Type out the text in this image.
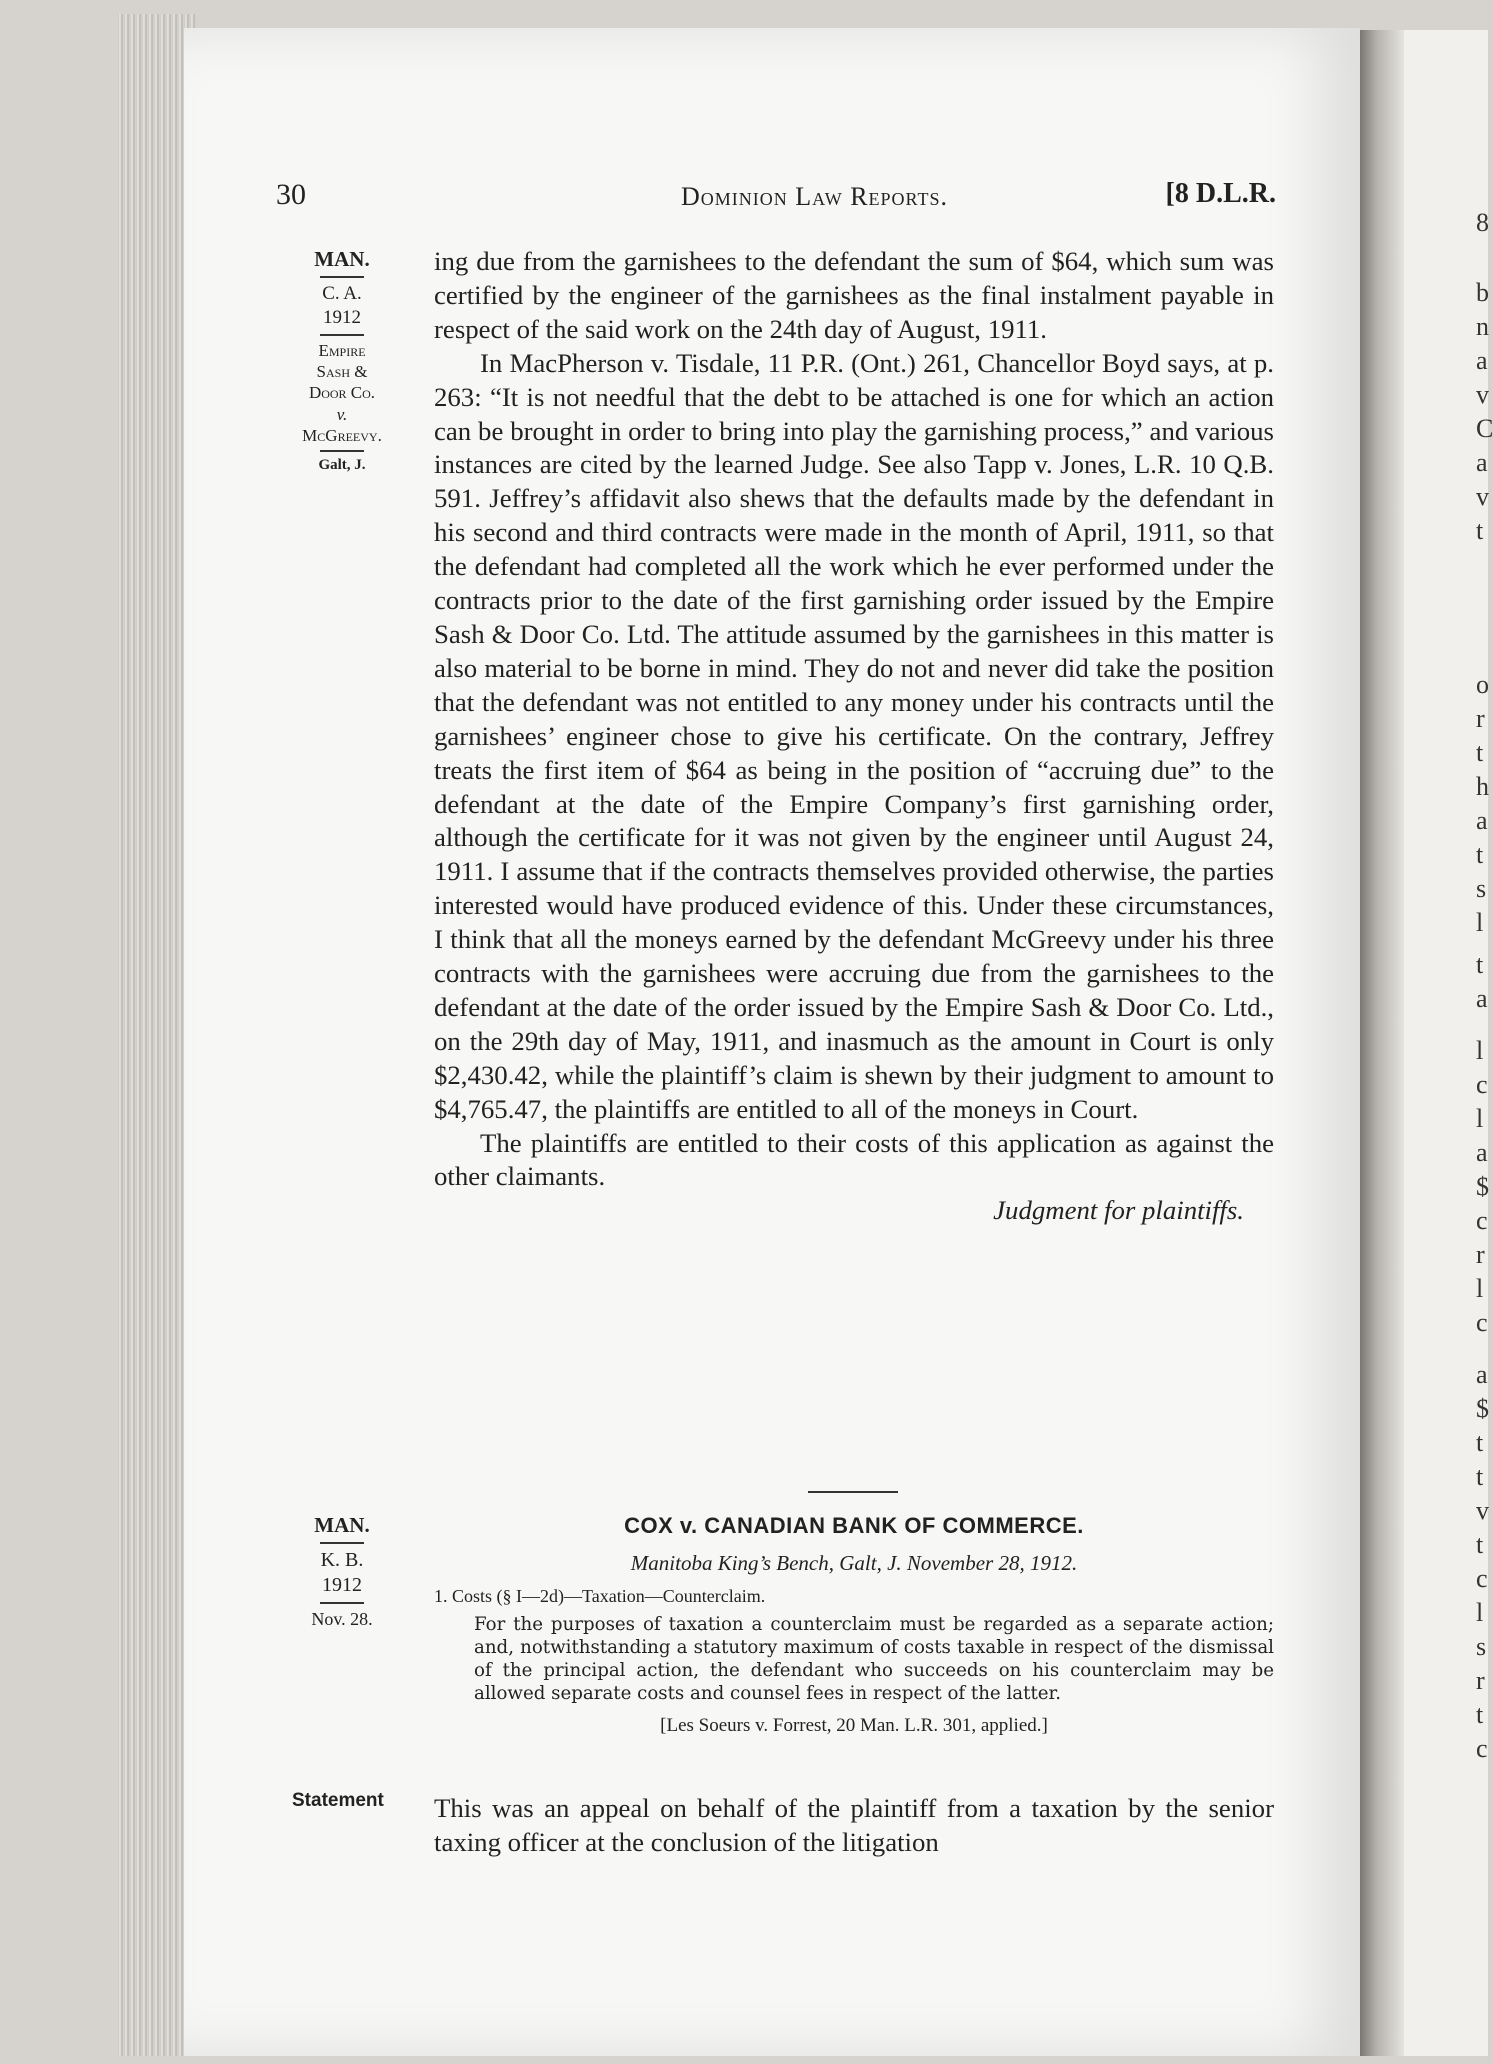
8
b
n
a
v
C
a
v
t
o
r
t
h
a
t
s
l
t
a
l
c
l
a
$
c
r
l
c
a
$
t
t
v
t
c
l
s
r
t
c
30	Dominion Law Reports.	[8 D.L.R.
MAN.
C. A.
1912
Empire
Sash &
Door Co.
v.
McGreevy.
Galt, J.

ing due from the garnishees to the defendant the sum of $64, which sum was certified by the engineer of the garnishees as the final instalment payable in respect of the said work on the 24th day of August, 1911.

In MacPherson v. Tisdale, 11 P.R. (Ont.) 261, Chancellor Boyd says, at p. 263: “It is not needful that the debt to be attached is one for which an action can be brought in order to bring into play the garnishing process,” and various instances are cited by the learned Judge. See also Tapp v. Jones, L.R. 10 Q.B. 591. Jeffrey’s affidavit also shews that the defaults made by the defendant in his second and third contracts were made in the month of April, 1911, so that the defendant had completed all the work which he ever performed under the contracts prior to the date of the first garnishing order issued by the Empire Sash & Door Co. Ltd. The attitude assumed by the garnishees in this matter is also material to be borne in mind. They do not and never did take the position that the defendant was not entitled to any money under his contracts until the garnishees’ engineer chose to give his certificate. On the contrary, Jeffrey treats the first item of $64 as being in the position of “accruing due” to the defendant at the date of the Empire Company’s first garnishing order, although the certificate for it was not given by the engineer until August 24, 1911. I assume that if the contracts themselves provided otherwise, the parties interested would have produced evidence of this. Under these circumstances, I think that all the moneys earned by the defendant McGreevy under his three contracts with the garnishees were accruing due from the garnishees to the defendant at the date of the order issued by the Empire Sash & Door Co. Ltd., on the 29th day of May, 1911, and inasmuch as the amount in Court is only $2,430.42, while the plaintiff’s claim is shewn by their judgment to amount to $4,765.47, the plaintiffs are entitled to all of the moneys in Court.

The plaintiffs are entitled to their costs of this application as against the other claimants.

Judgment for plaintiffs.

MAN.
K. B.
1912
Nov. 28.
COX v. CANADIAN BANK OF COMMERCE.
Manitoba King’s Bench, Galt, J. November 28, 1912.
1. Costs (§ I—2d)—Taxation—Counterclaim.
For the purposes of taxation a counterclaim must be regarded as a separate action; and, notwithstanding a statutory maximum of costs taxable in respect of the dismissal of the principal action, the defendant who succeeds on his counterclaim may be allowed separate costs and counsel fees in respect of the latter.
[Les Soeurs v. Forrest, 20 Man. L.R. 301, applied.]
Statement This was an appeal on behalf of the plaintiff from a taxation by the senior taxing officer at the conclusion of the litigation
